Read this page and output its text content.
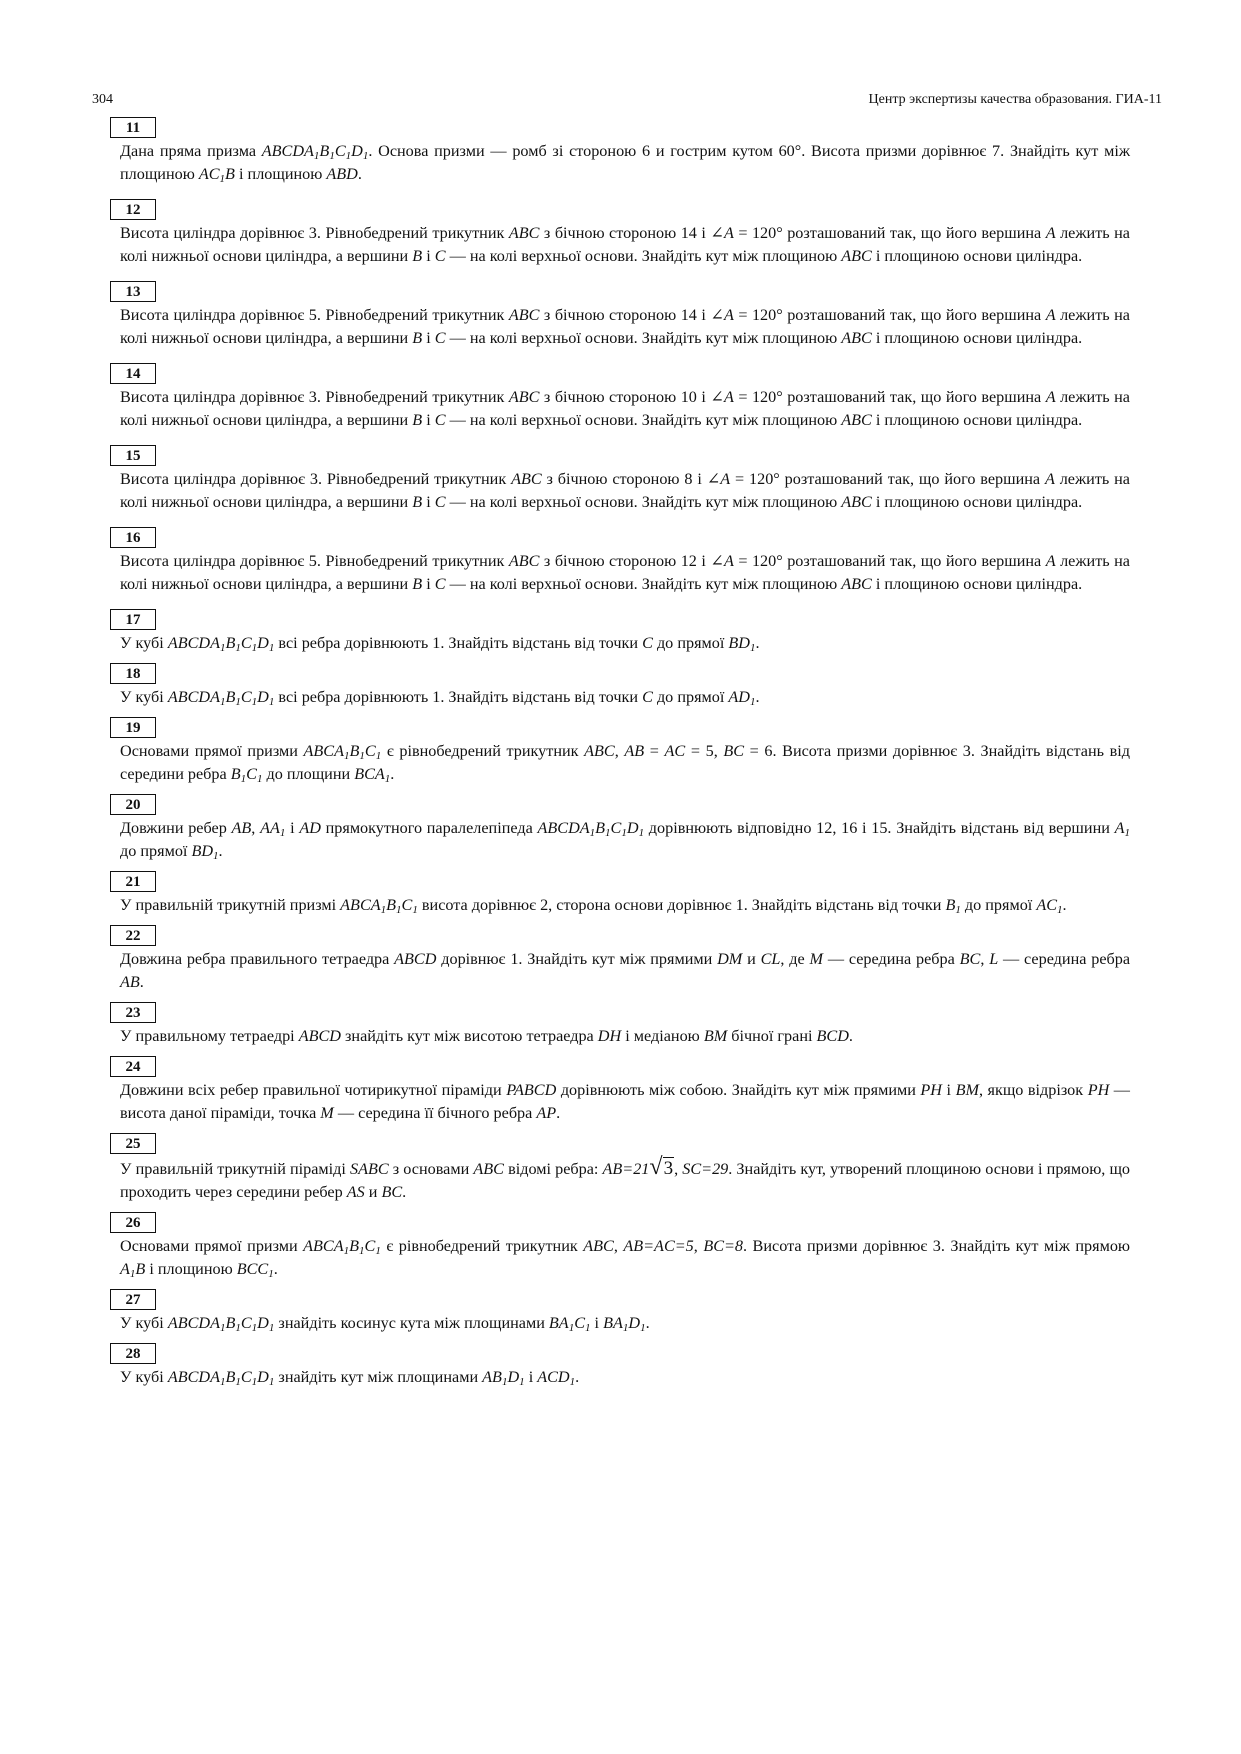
304	Центр экспертизы качества образования. ГИА-11
11

Дана пряма призма $ABCDA_1B_1C_1D_1$. Основа призми — ромб зі стороною 6 и гострим кутом 60°. Висота призми дорівнює 7. Знайдіть кут між площиною $AC_1B$ і площиною ABD.

12

Висота циліндра дорівнює 3. Рівнобедрений трикутник ABC з бічною стороною 14 і ∠A = 120° розташований так, що його вершина A лежить на колі нижньої основи циліндра, а вершини B і C — на колі верхньої основи. Знайдіть кут між площиною ABC і площиною основи циліндра.

13

Висота циліндра дорівнює 5. Рівнобедрений трикутник ABC з бічною стороною 14 і ∠A = 120° розташований так, що його вершина A лежить на колі нижньої основи циліндра, а вершини B і C — на колі верхньої основи. Знайдіть кут між площиною ABC і площиною основи циліндра.

14

Висота циліндра дорівнює 3. Рівнобедрений трикутник ABC з бічною стороною 10 і ∠A = 120° розташований так, що його вершина A лежить на колі нижньої основи циліндра, а вершини B і C — на колі верхньої основи. Знайдіть кут між площиною ABC і площиною основи циліндра.

15

Висота циліндра дорівнює 3. Рівнобедрений трикутник ABC з бічною стороною 8 і ∠A = 120° розташований так, що його вершина A лежить на колі нижньої основи циліндра, а вершини B і C — на колі верхньої основи. Знайдіть кут між площиною ABC і площиною основи циліндра.

16

Висота циліндра дорівнює 5. Рівнобедрений трикутник ABC з бічною стороною 12 і ∠A = 120° розташований так, що його вершина A лежить на колі нижньої основи циліндра, а вершини B і C — на колі верхньої основи. Знайдіть кут між площиною ABC і площиною основи циліндра.

17

У кубі $ABCDA_1B_1C_1D_1$ всі ребра дорівнюють 1. Знайдіть відстань від точки C до прямої $BD_1$.

18

У кубі $ABCDA_1B_1C_1D_1$ всі ребра дорівнюють 1. Знайдіть відстань від точки C до прямої $AD_1$.

19

Основами прямої призми $ABCA_1B_1C_1$ є рівнобедрений трикутник ABC, AB = AC = 5, BC = 6. Висота призми дорівнює 3. Знайдіть відстань від середини ребра $B_1C_1$ до площини $BCA_1$.

20

Довжини ребер AB, $AA_1$ і AD прямокутного паралелепіпеда $ABCDA_1B_1C_1D_1$ дорівнюють відповідно 12, 16 і 15. Знайдіть відстань від вершини $A_1$ до прямої $BD_1$.

21

У правильній трикутній призмі $ABCA_1B_1C_1$ висота дорівнює 2, сторона основи дорівнює 1. Знайдіть відстань від точки $B_1$ до прямої $AC_1$.

22

Довжина ребра правильного тетраедра ABCD дорівнює 1. Знайдіть кут між прямими DM и CL, де M — середина ребра BC, L — середина ребра AB.

23

У правильному тетраедрі ABCD знайдіть кут між висотою тетраедра DH і медіаною BM бічної грані BCD.

24

Довжини всіх ребер правильної чотирикутної піраміди PABCD дорівнюють між собою. Знайдіть кут між прямими PH і BM, якщо відрізок PH — висота даної піраміди, точка M — середина її бічного ребра AP.

25

У правильній трикутній піраміді SABC з основами ABC відомі ребра: AB=21√3, SC=29. Знайдіть кут, утворений площиною основи і прямою, що проходить через середини ребер AS и BC.

26

Основами прямої призми $ABCA_1B_1C_1$ є рівнобедрений трикутник ABC, AB=AC=5, BC=8. Висота призми дорівнює 3. Знайдіть кут між прямою $A_1B$ і площиною $BCC_1$.

27

У кубі $ABCDA_1B_1C_1D_1$ знайдіть косинус кута між площинами $BA_1C_1$ і $BA_1D_1$.

28

У кубі $ABCDA_1B_1C_1D_1$ знайдіть кут між площинами $AB_1D_1$ і $ACD_1$.
